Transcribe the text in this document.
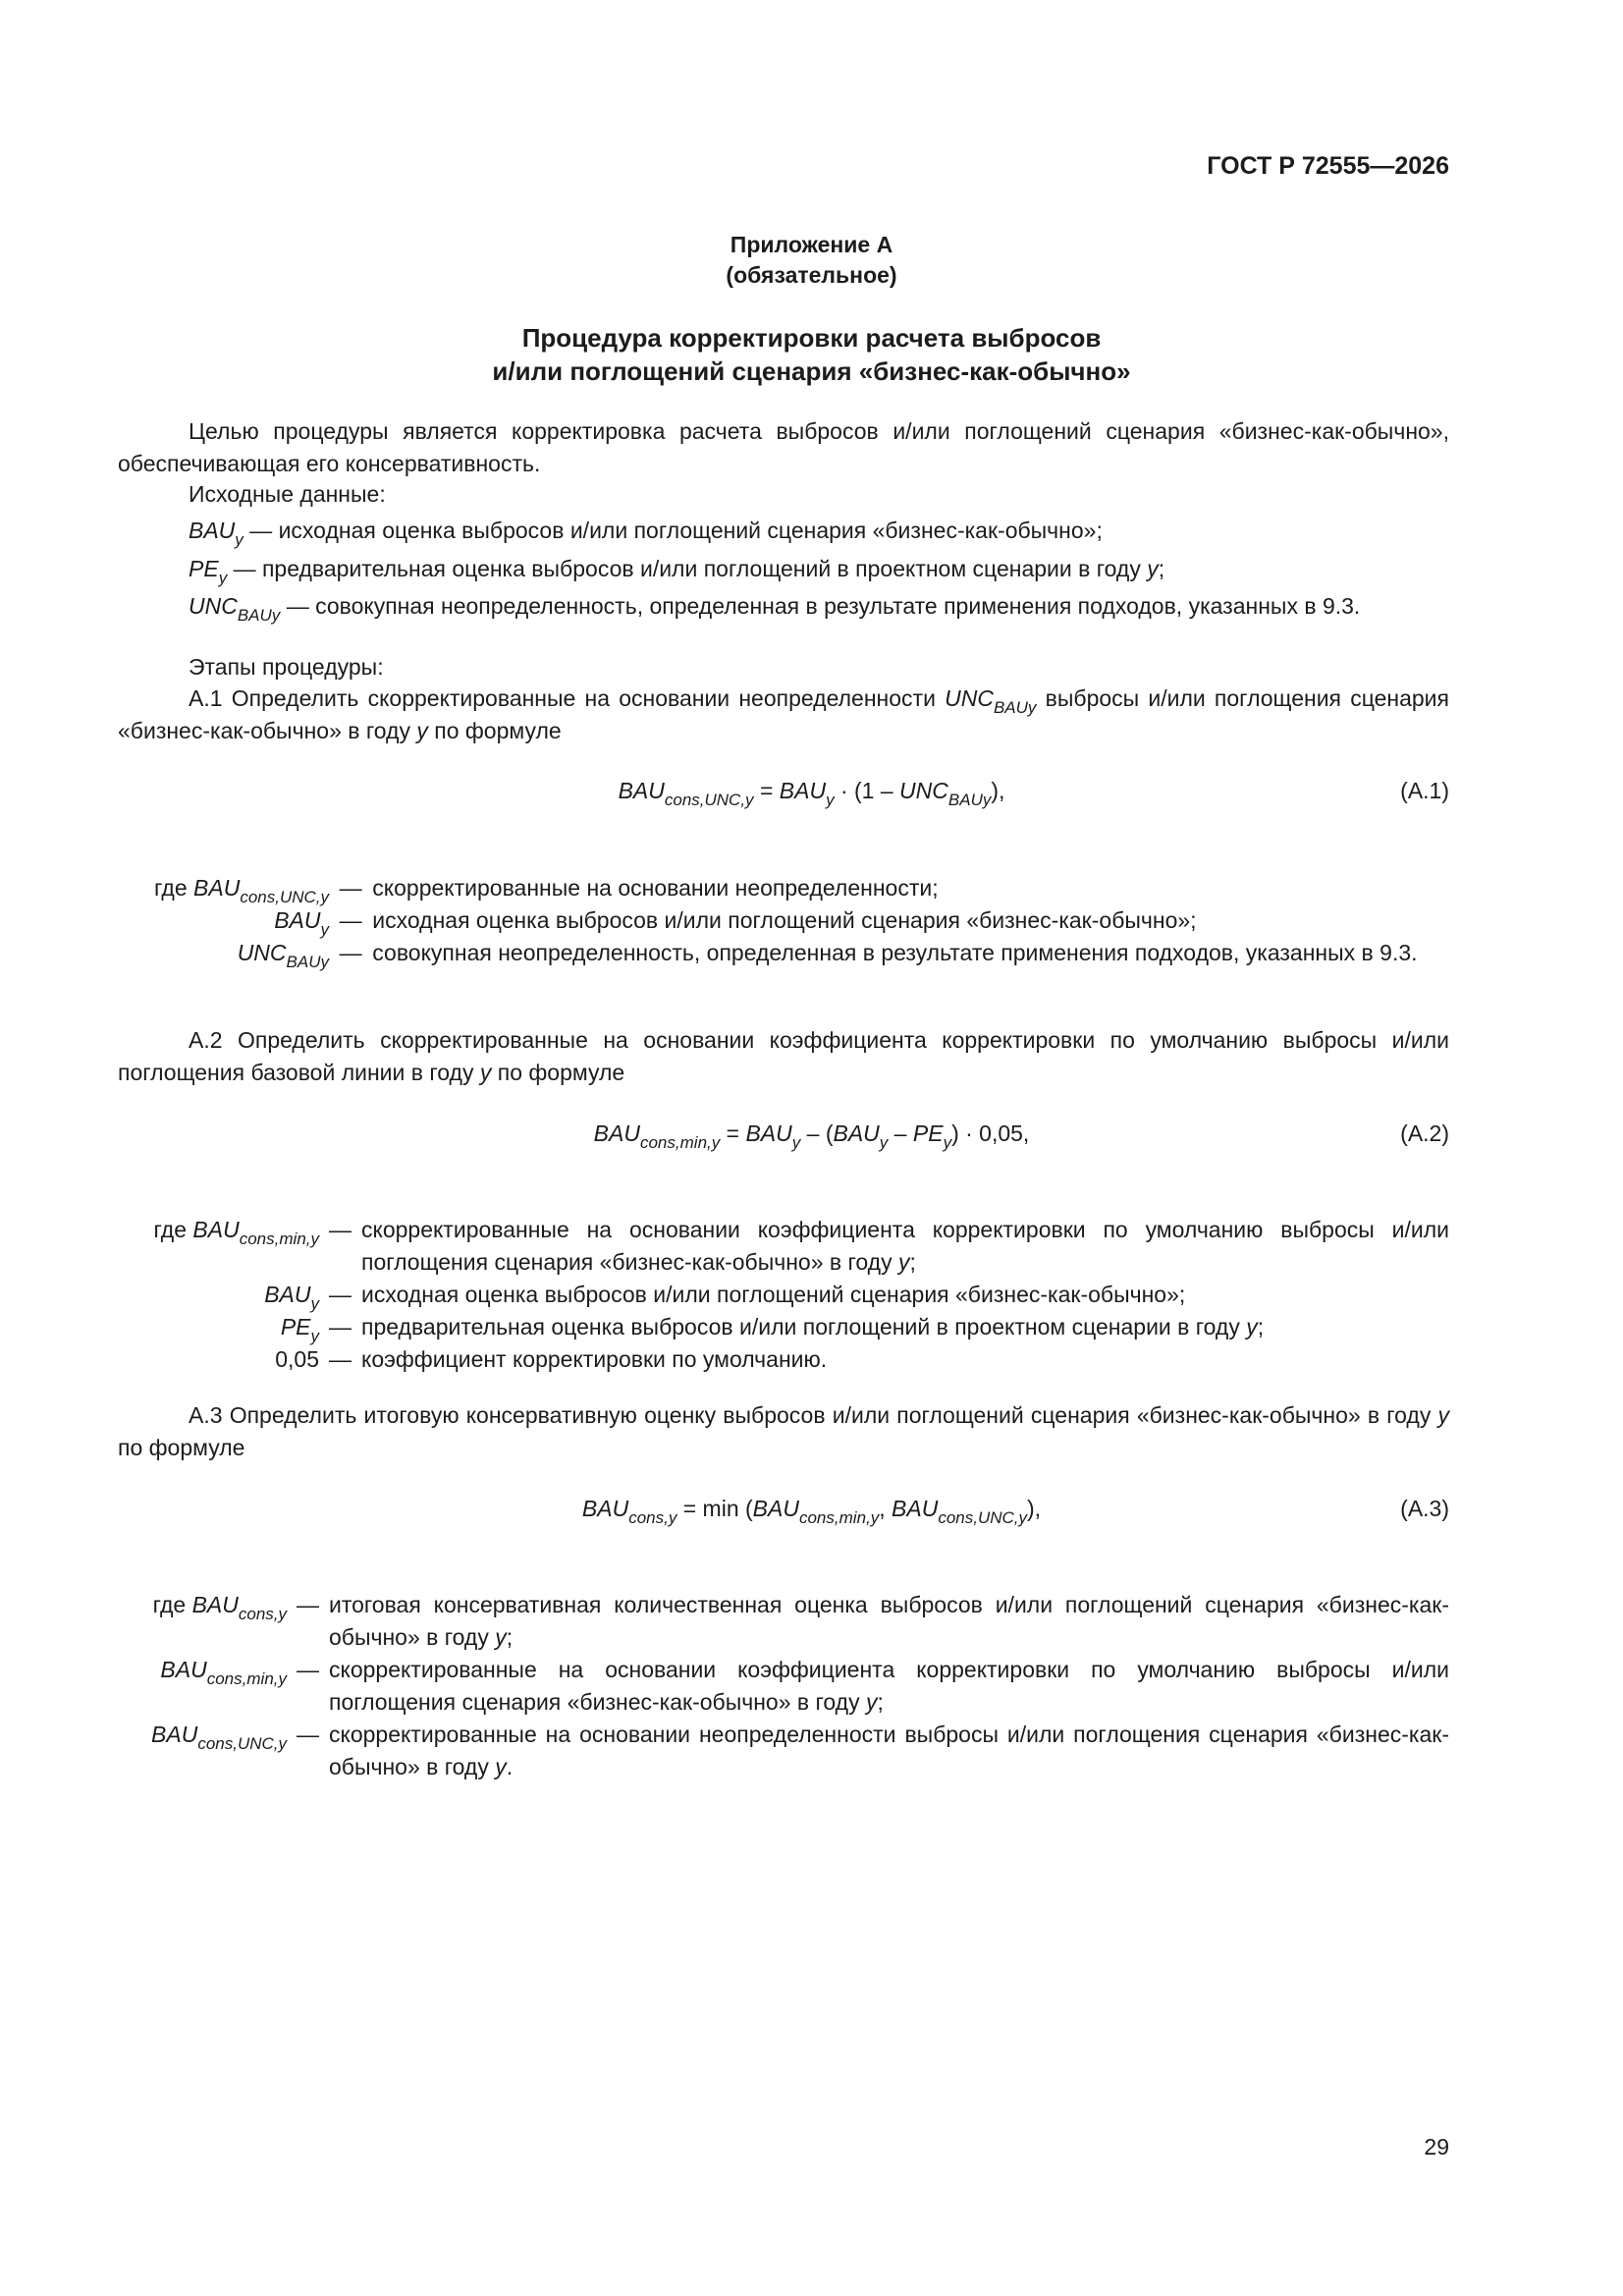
ГОСТ Р 72555—2026
Приложение А
(обязательное)
Процедура корректировки расчета выбросов
и/или поглощений сценария «бизнес-как-обычно»
Целью процедуры является корректировка расчета выбросов и/или поглощений сценария «бизнес-как-обычно», обеспечивающая его консервативность.
Исходные данные:
$BAU_y$ — исходная оценка выбросов и/или поглощений сценария «бизнес-как-обычно»;
$PE_y$ — предварительная оценка выбросов и/или поглощений в проектном сценарии в году y;
$UNC_{BAUy}$ — совокупная неопределенность, определенная в результате применения подходов, указанных в 9.3.
Этапы процедуры:
А.1 Определить скорректированные на основании неопределенности $UNC_{BAUy}$ выбросы и/или поглощения сценария «бизнес-как-обычно» в году y по формуле
$BAU_{cons,UNC,y} = BAU_y \cdot (1 - UNC_{BAUy})$,	(А.1)
где $BAU_{cons,UNC,y}$	—	скорректированные на основании неопределенности;
$BAU_y$	—	исходная оценка выбросов и/или поглощений сценария «бизнес-как-обычно»;
$UNC_{BAUy}$	—	совокупная неопределенность, определенная в результате применения подходов, указанных в 9.3.
А.2 Определить скорректированные на основании коэффициента корректировки по умолчанию выбросы и/или поглощения базовой линии в году y по формуле
$BAU_{cons,min,y} = BAU_y - (BAU_y - PE_y) \cdot 0,05$,	(А.2)
где $BAU_{cons,min,y}$	—	скорректированные на основании коэффициента корректировки по умолчанию выбросы и/или поглощения сценария «бизнес-как-обычно» в году y;
$BAU_y$	—	исходная оценка выбросов и/или поглощений сценария «бизнес-как-обычно»;
$PE_y$	—	предварительная оценка выбросов и/или поглощений в проектном сценарии в году y;
0,05	—	коэффициент корректировки по умолчанию.
А.3 Определить итоговую консервативную оценку выбросов и/или поглощений сценария «бизнес-как-обычно» в году y по формуле
$BAU_{cons,y} = \min (BAU_{cons,min,y}$, $BAU_{cons,UNC,y}$),	(А.3)
где $BAU_{cons,y}$	—	итоговая консервативная количественная оценка выбросов и/или поглощений сценария «бизнес-как-обычно» в году y;
$BAU_{cons,min,y}$	—	скорректированные на основании коэффициента корректировки по умолчанию выбросы и/или поглощения сценария «бизнес-как-обычно» в году y;
$BAU_{cons,UNC,y}$	—	скорректированные на основании неопределенности выбросы и/или поглощения сценария «бизнес-как-обычно» в году y.
29
